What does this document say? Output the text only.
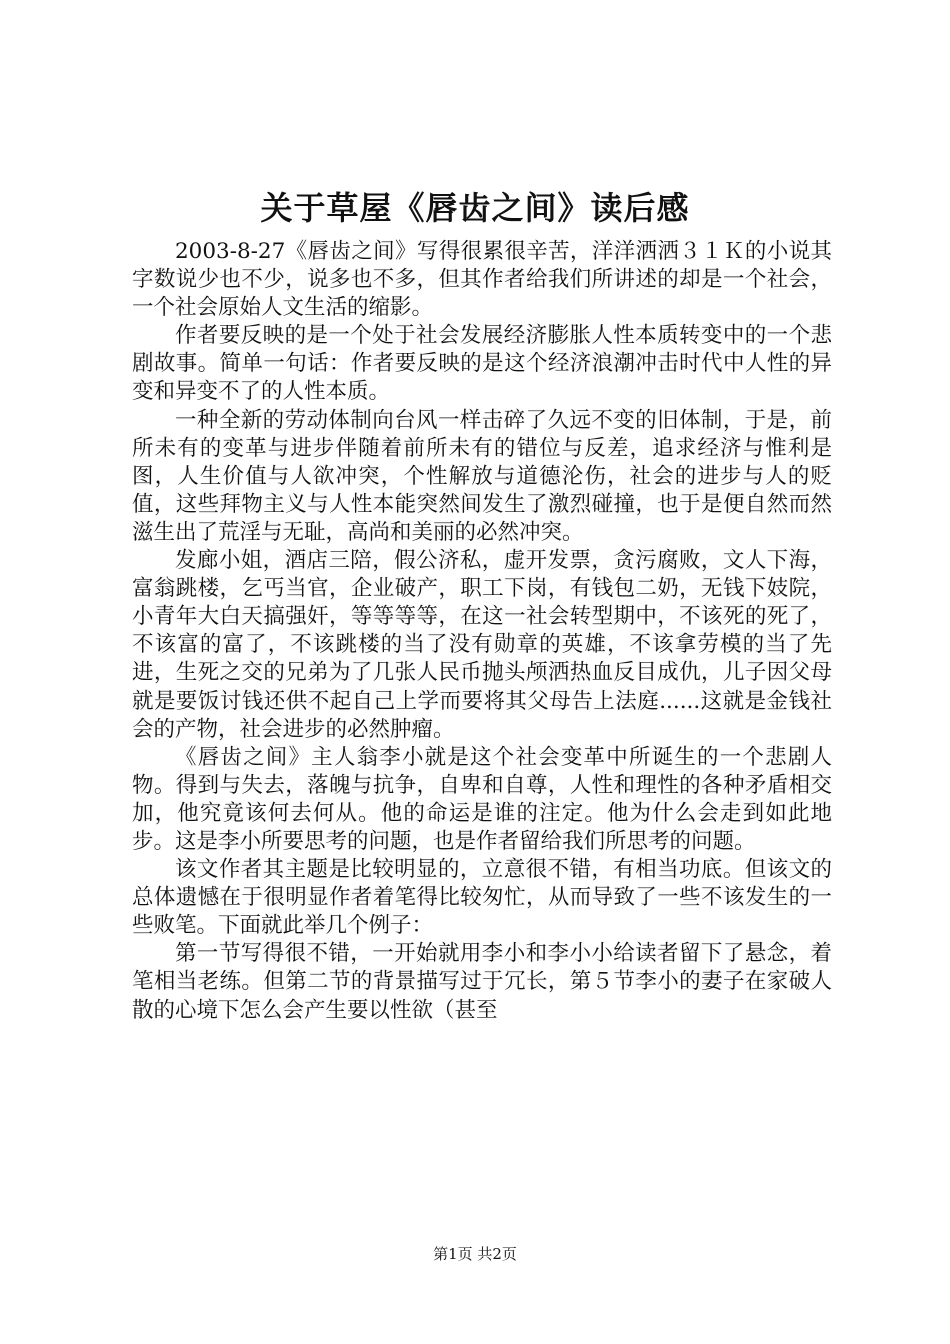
关于草屋《唇齿之间》读后感

2003-8-27《唇齿之间》写得很累很辛苦，洋洋洒洒３１Ｋ的小说其字数说少也不少，说多也不多，但其作者给我们所讲述的却是一个社会，一个社会原始人文生活的缩影。

作者要反映的是一个处于社会发展经济膨胀人性本质转变中的一个悲剧故事。简单一句话：作者要反映的是这个经济浪潮冲击时代中人性的异变和异变不了的人性本质。

一种全新的劳动体制向台风一样击碎了久远不变的旧体制，于是，前所未有的变革与进步伴随着前所未有的错位与反差，追求经济与惟利是图，人生价值与人欲冲突，个性解放与道德沦伤，社会的进步与人的贬值，这些拜物主义与人性本能突然间发生了激烈碰撞，也于是便自然而然滋生出了荒淫与无耻，高尚和美丽的必然冲突。

发廊小姐，酒店三陪，假公济私，虚开发票，贪污腐败，文人下海，富翁跳楼，乞丐当官，企业破产，职工下岗，有钱包二奶，无钱下妓院，小青年大白天搞强奸，等等等等，在这一社会转型期中，不该死的死了，不该富的富了，不该跳楼的当了没有勋章的英雄，不该拿劳模的当了先进，生死之交的兄弟为了几张人民币抛头颅洒热血反目成仇，儿子因父母就是要饭讨钱还供不起自己上学而要将其父母告上法庭......这就是金钱社会的产物，社会进步的必然肿瘤。

《唇齿之间》主人翁李小就是这个社会变革中所诞生的一个悲剧人物。得到与失去，落魄与抗争，自卑和自尊，人性和理性的各种矛盾相交加，他究竟该何去何从。他的命运是谁的注定。他为什么会走到如此地步。这是李小所要思考的问题，也是作者留给我们所思考的问题。

该文作者其主题是比较明显的，立意很不错，有相当功底。但该文的总体遗憾在于很明显作者着笔得比较匆忙，从而导致了一些不该发生的一些败笔。下面就此举几个例子：

第一节写得很不错，一开始就用李小和李小小给读者留下了悬念，着笔相当老练。但第二节的背景描写过于冗长，第５节李小的妻子在家破人散的心境下怎么会产生要以性欲（甚至

第1页 共2页
